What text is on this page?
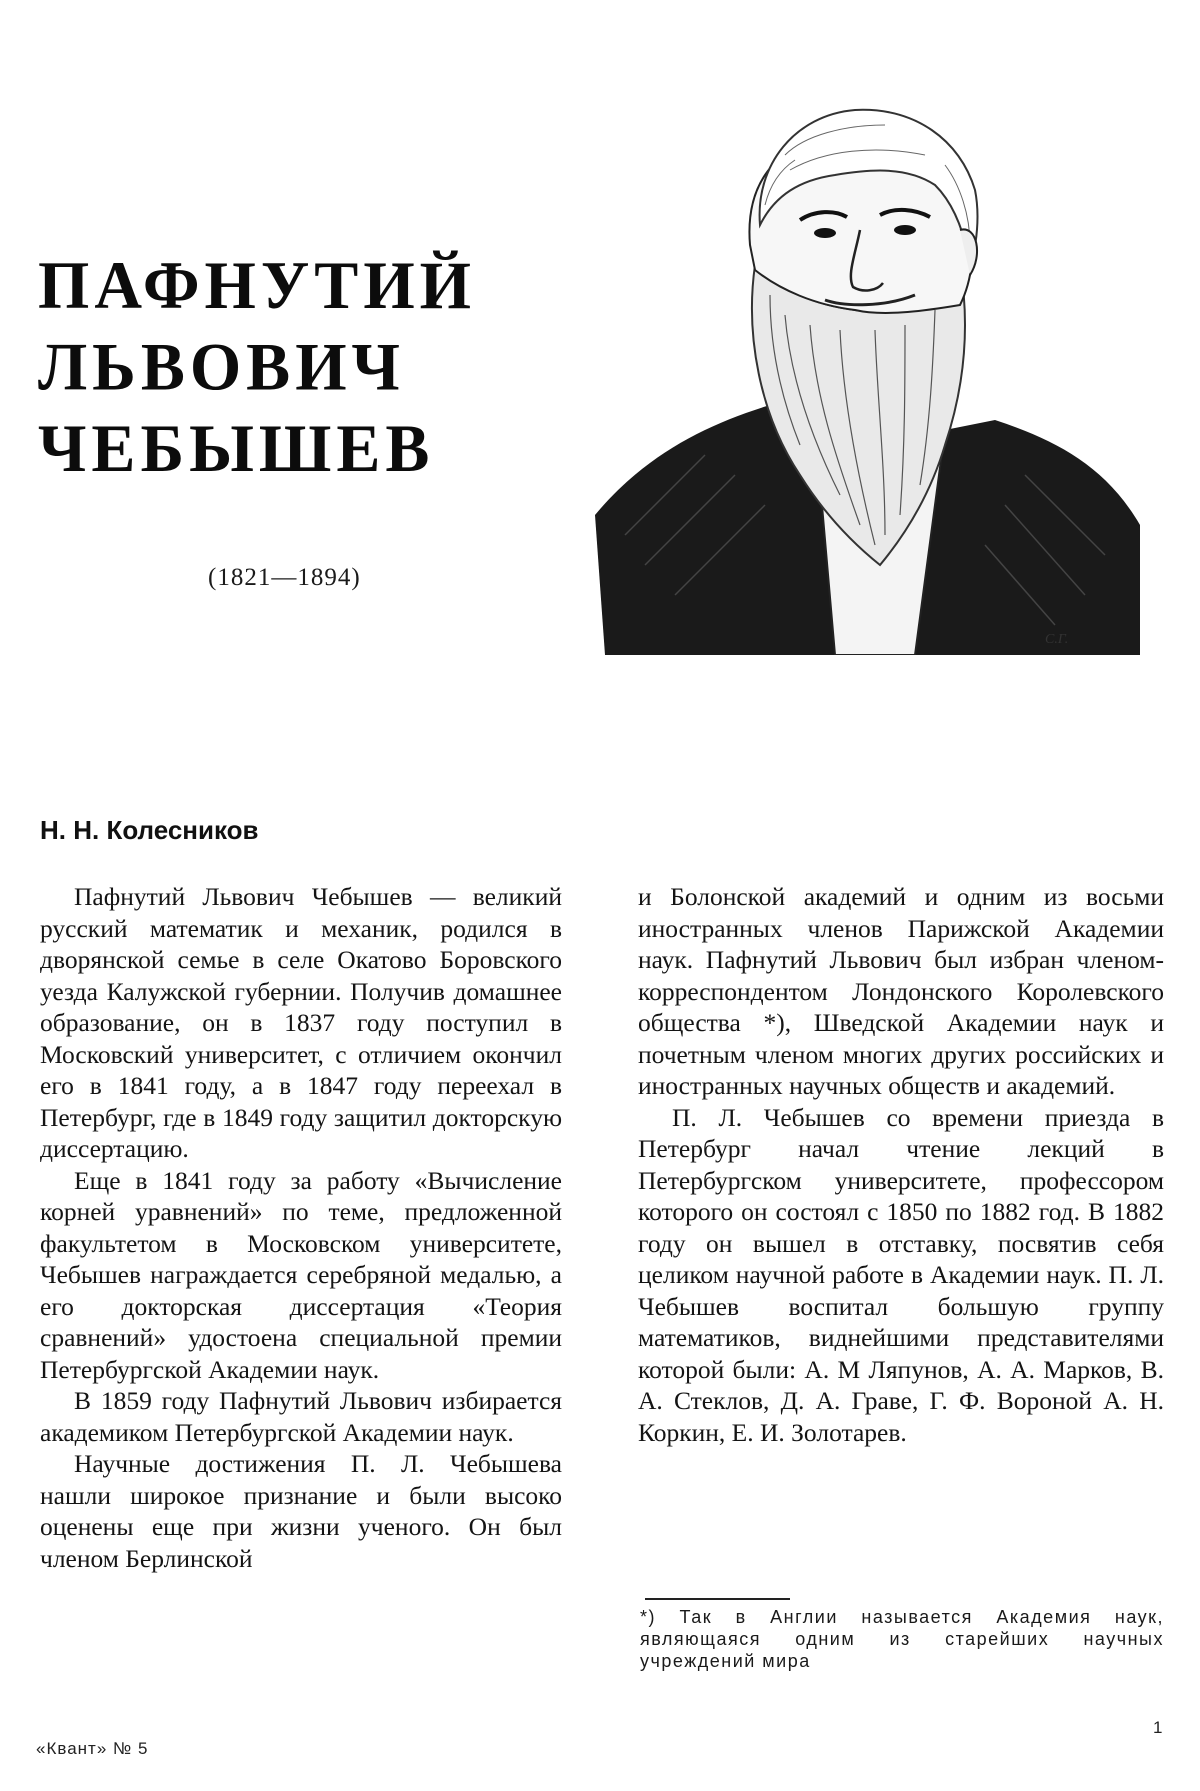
ПАФНУТИЙ
ЛЬВОВИЧ
ЧЕБЫШЕВ
(1821—1894)
С.Г.
Н. Н. Колесников

Пафнутий Львович Чебышев — великий русский математик и механик, родился в дворянской семье в селе Окатово Боровского уезда Калужской губернии. Получив домашнее образование, он в 1837 году поступил в Московский университет, с отличием окончил его в 1841 году, а в 1847 году переехал в Петербург, где в 1849 году защитил докторскую диссертацию.

Еще в 1841 году за работу «Вычисление корней уравнений» по теме, предложенной факультетом в Московском университете, Чебышев награждается серебряной медалью, а его докторская диссертация «Теория сравнений» удостоена специальной премии Петербургской Академии наук.

В 1859 году Пафнутий Львович избирается академиком Петербургской Академии наук.

Научные достижения П. Л. Чебышева нашли широкое признание и были высоко оценены еще при жизни ученого. Он был членом Берлинской

и Болонской академий и одним из восьми иностранных членов Парижской Академии наук. Пафнутий Львович был избран членом-корреспондентом Лондонского Королевского общества *), Шведской Академии наук и почетным членом многих других российских и иностранных научных обществ и академий.

П. Л. Чебышев со времени приезда в Петербург начал чтение лекций в Петербургском университете, профессором которого он состоял с 1850 по 1882 год. В 1882 году он вышел в отставку, посвятив себя целиком научной работе в Академии наук. П. Л. Чебышев воспитал большую группу математиков, виднейшими представителями которой были: А. М Ляпунов, А. А. Марков, В. А. Стеклов, Д. А. Граве, Г. Ф. Вороной А. Н. Коркин, Е. И. Золотарев.

*) Так в Англии называется Академия наук, являющаяся одним из старейших научных учреждений мира
«Квант» № 5
1
